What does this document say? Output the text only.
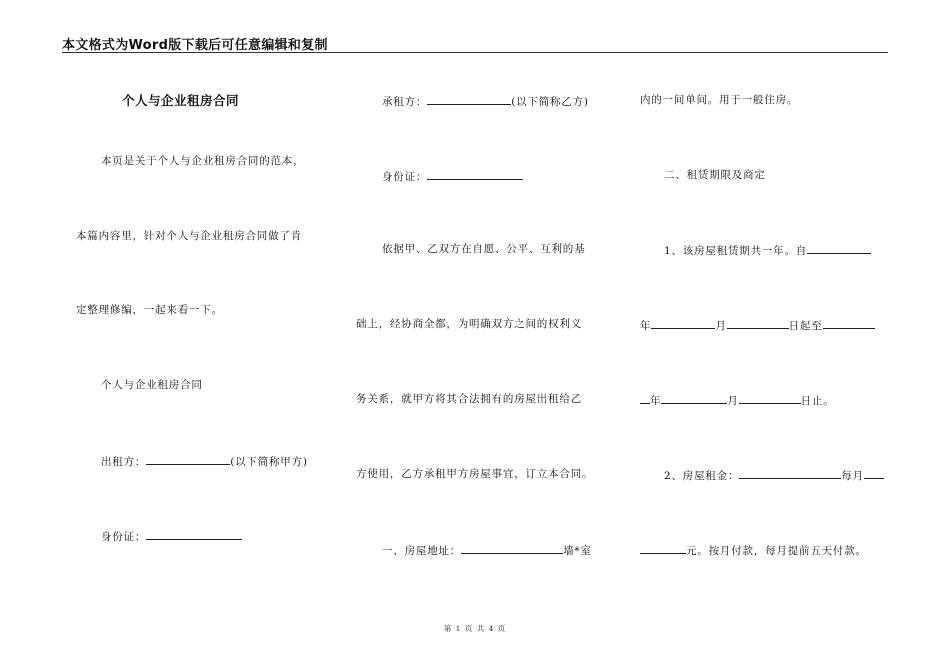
本文格式为Word版下载后可任意编辑和复制
个人与企业租房合同
本页是关于个人与企业租房合同的范本，
本篇内容里，针对个人与企业租房合同做了肯
定整理修编，一起来看一下。
个人与企业租房合同
出租方：	(以下简称甲方)
身份证：
承租方：	(以下简称乙方)
身份证：
依据甲、乙双方在自愿、公平、互利的基
础上，经协商全都，为明确双方之间的权利义
务关系，就甲方将其合法拥有的房屋出租给乙
方使用，乙方承租甲方房屋事宜，订立本合同。
一、房屋地址：	墙*室
内的一间单间。用于一般住房。
二、租赁期限及商定
1、该房屋租赁期共一年。自
年	月	日起至
年	月	日止。
2、房屋租金：	每月
元。按月付款，每月提前五天付款。
第 1 页 共 4 页
